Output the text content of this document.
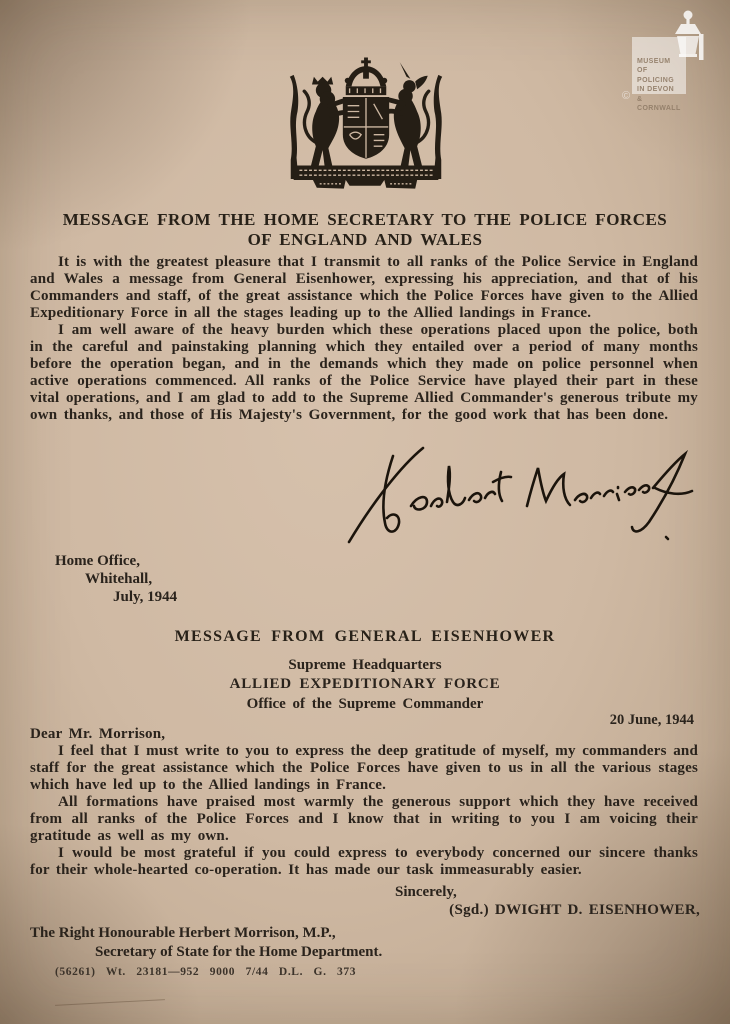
MUSEUM
OF POLICING
IN DEVON
& CORNWALL
©
MESSAGE FROM THE HOME SECRETARY TO THE POLICE FORCES
OF ENGLAND AND WALES

It is with the greatest pleasure that I transmit to all ranks of the Police Service in England and Wales a message from General Eisenhower, expressing his appreciation, and that of his Commanders and staff, of the great assistance which the Police Forces have given to the Allied Expeditionary Force in all the stages leading up to the Allied landings in France.

I am well aware of the heavy burden which these operations placed upon the police, both in the careful and painstaking planning which they entailed over a period of many months before the operation began, and in the demands which they made on police personnel when active operations commenced. All ranks of the Police Service have played their part in these vital operations, and I am glad to add to the Supreme Allied Commander's generous tribute my own thanks, and those of His Majesty's Government, for the good work that has been done.

Home Office,
Whitehall,
July, 1944
MESSAGE FROM GENERAL EISENHOWER
Supreme Headquarters
ALLIED EXPEDITIONARY FORCE
Office of the Supreme Commander
20 June, 1944
Dear Mr. Morrison,

I feel that I must write to you to express the deep gratitude of myself, my commanders and staff for the great assistance which the Police Forces have given to us in all the various stages which have led up to the Allied landings in France.

All formations have praised most warmly the generous support which they have received from all ranks of the Police Forces and I know that in writing to you I am voicing their gratitude as well as my own.

I would be most grateful if you could express to everybody concerned our sincere thanks for their whole-hearted co-operation. It has made our task immeasurably easier.

Sincerely,
(Sgd.) DWIGHT D. EISENHOWER,
The Right Honourable Herbert Morrison, M.P.,
Secretary of State for the Home Department.
(56261) Wt. 23181—952 9000 7/44 D.L. G. 373
